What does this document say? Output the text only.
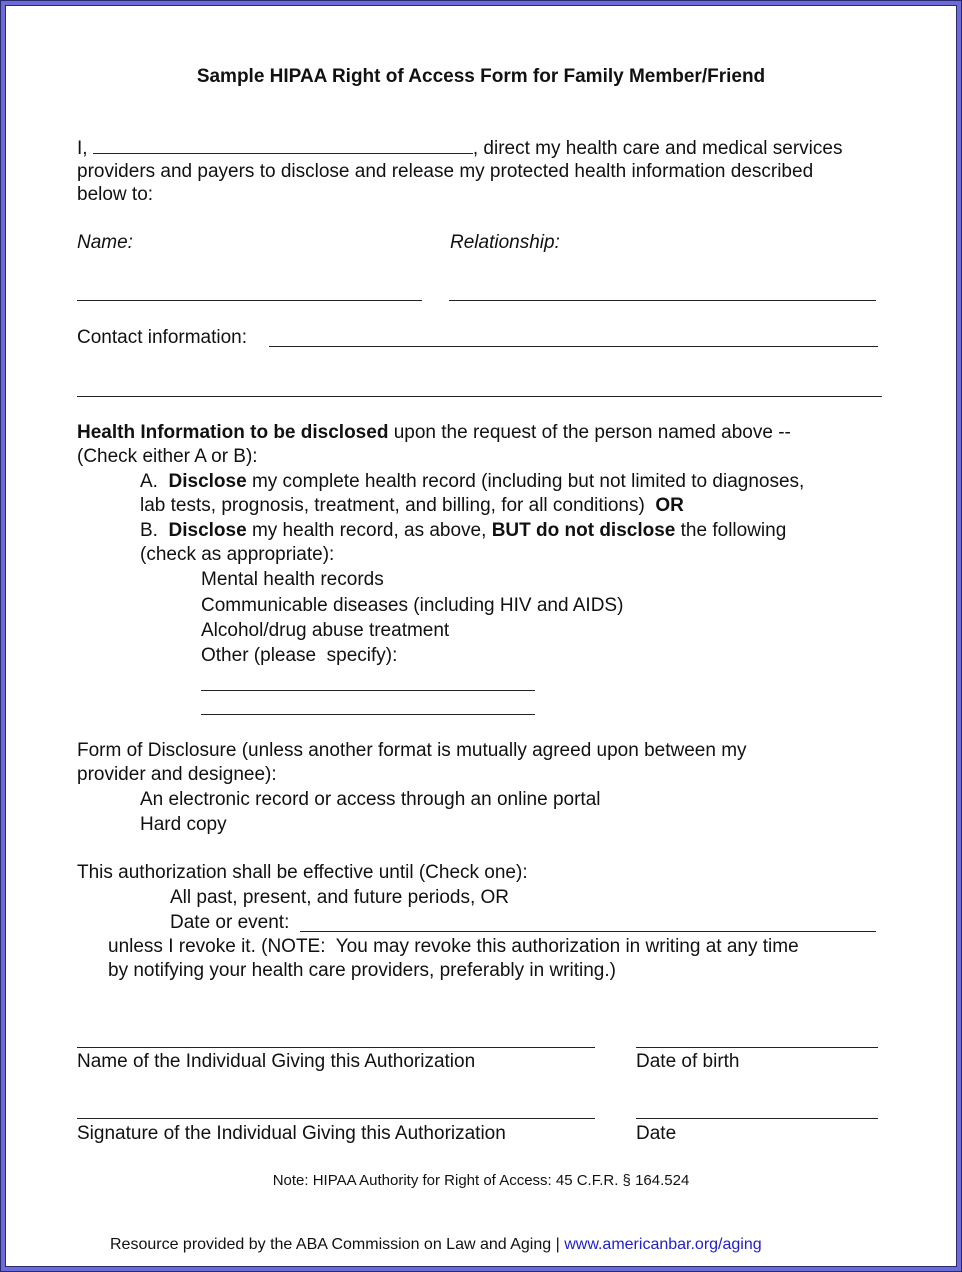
Sample HIPAA Right of Access Form for Family Member/Friend
I,	, direct my health care and medical services
providers and payers to disclose and release my protected health information described
below to:
Name:	Relationship:
Contact information:
Health Information to be disclosed upon the request of the person named above --
(Check either A or B):
A.  Disclose my complete health record (including but not limited to diagnoses,
lab tests, prognosis, treatment, and billing, for all conditions)  OR
B.  Disclose my health record, as above, BUT do not disclose the following
(check as appropriate):
Mental health records
Communicable diseases (including HIV and AIDS)
Alcohol/drug abuse treatment
Other (please  specify):
Form of Disclosure (unless another format is mutually agreed upon between my
provider and designee):
An electronic record or access through an online portal
Hard copy
This authorization shall be effective until (Check one):
All past, present, and future periods, OR
Date or event:
unless I revoke it. (NOTE:  You may revoke this authorization in writing at any time
by notifying your health care providers, preferably in writing.)
Name of the Individual Giving this Authorization	Date of birth
Signature of the Individual Giving this Authorization	Date
Note: HIPAA Authority for Right of Access: 45 C.F.R. § 164.524
Resource provided by the ABA Commission on Law and Aging | www.americanbar.org/aging
